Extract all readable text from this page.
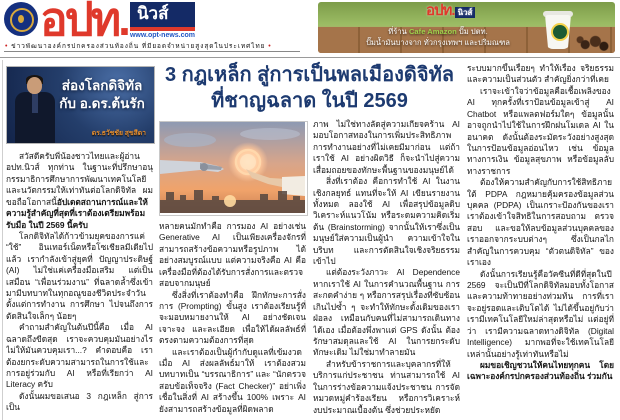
อปท. นิวส์
www.opt-news.com
• ข่าวพัฒนาองค์กรปกครองส่วนท้องถิ่น ที่มียอดจำหน่ายสูงสุดในประเทศไทย •
อปท. นิวส์
ที่ร้าน Cafe Amazon ปั๊ม ปตท.
ปั๊มน้ำมันบางจาก ทั่วกรุงเทพฯ และปริมณฑล
3 กฎเหล็ก สู่การเป็นพลเมืองดิจิทัล
ที่ชาญฉลาด ในปี 2569
ส่องโลกดิจิทัล
กับ อ.ดร.ต้นรัก
ดร.ธวัชชัย สุขสีดา

สวัสดีครับพี่น้องชาวไทยและผู้อ่าน อปท.นิวส์ ทุกท่าน ในฐานะที่ปรึกษาอนุกรรมาธิการศึกษาการพัฒนาเทคโนโลยีและนวัตกรรมให้เท่าทันต่อโลกดิจิทัล ผมขอถือโอกาสนี้อัปเดตสถานการณ์และให้ความรู้สำคัญที่สุดที่เราต้องเตรียมพร้อมรับมือ ในปี 2569 นี้ครับ

โลกดิจิทัลได้ก้าวข้ามยุคของการแค่ “ใช้” อินเทอร์เน็ตหรือโซเชียลมีเดียไปแล้ว เรากำลังเข้าสู่ยุคที่ ปัญญาประดิษฐ์ (AI) ไม่ใช่แค่เครื่องมือเสริม แต่เป็นเสมือน “เพื่อนร่วมงาน” ที่ฉลาดล้ำซึ่งเข้ามามีบทบาทในทุกอณูของชีวิตประจำวัน ตั้งแต่การทำงาน การศึกษา ไปจนถึงการตัดสินใจเล็กๆ น้อยๆ

คำถามสำคัญในต้นปีนี้คือ เมื่อ AI ฉลาดถึงขีดสุด เราจะควบคุมมันอย่างไร ไม่ให้มันควบคุมเรา...? คำตอบคือ เราต้องยกระดับความสามารถในการใช้และการอยู่ร่วมกับ AI หรือที่เรียกว่า AI Literacy ครับ

ดังนั้นผมขอเสนอ 3 กฎเหล็ก สู่การเป็น

หลายคนมักทำคือ การมอง AI อย่างเช่น Generative AI เป็นเพียงเครื่องจักรที่สามารถสร้างข้อความหรือรูปภาพ ได้อย่างสมบูรณ์แบบ แต่ความจริงคือ AI คือเครื่องมือที่ต้องได้รับการสั่งการและตรวจสอบจากมนุษย์

ซึ่งสิ่งที่เราต้องทำคือ ฝึกทักษะการสั่งการ (Prompting) ขั้นสูง เราต้องเรียนรู้ที่จะมอบหมายงานให้ AI อย่างชัดเจน เจาะจง และละเอียด เพื่อให้ได้ผลลัพธ์ที่ตรงตามความต้องการที่สุด

และเราต้องเป็นผู้กำกับดูแลที่เข้มงวด เมื่อ AI ส่งผลลัพธ์มาให้ เราต้องสวมบทบาทเป็น “บรรณาธิการ” และ “นักตรวจสอบข้อเท็จจริง (Fact Checker)” อย่าเพิ่งเชื่อในสิ่งที่ AI สร้างขึ้น 100% เพราะ AI ยังสามารถสร้างข้อมูลที่ผิดพลาด

ภาพ ไม่ใช่ทางลัดสู่ความเกียจคร้าน AI มอบโอกาสทองในการเพิ่มประสิทธิภาพการทำงานอย่างที่ไม่เคยมีมาก่อน แต่ถ้าเราใช้ AI อย่างผิดวิธี ก็จะนำไปสู่ความเสื่อมถอยของทักษะพื้นฐานของมนุษย์ได้

สิ่งที่เราต้อง คือการทำใช้ AI ในงานเชิงกลยุทธ์ แทนที่จะให้ AI เขียนรายงานทั้งหมด ลองใช้ AI เพื่อสรุปข้อมูลดิบ วิเคราะห์แนวโน้ม หรือระดมความคิดเริ่มต้น (Brainstorming) จากนั้นให้เราซึ่งเป็นมนุษย์ใส่ความเป็นผู้นำ ความเข้าใจในบริบท และการตัดสินใจเชิงจริยธรรมเข้าไป

แต่ต้องระวังภาวะ AI Dependence หากเราใช้ AI ในการคำนวณพื้นฐาน การสะกดคำง่าย ๆ หรือการสรุปเรื่องที่ซับซ้อนเกินไปซ้ำ ๆ จะทำให้ทักษะดั้งเดิมของเราฝ่อลง เหมือนกับคนที่ไม่สามารถเดินทางได้เอง เมื่อต้องพึ่งพาแต่ GPS ดังนั้น ต้องรักษาสมดุลและใช้ AI ในการยกระดับทักษะเดิม ไม่ใช่มาทำลายมัน

สำหรับข้าราชการและบุคลากรที่ให้บริการแก่ประชาชน ท่านสามารถใช้ AI ในการร่างข้อความแจ้งประชาชน การจัดหมวดหมู่คำร้องเรียน หรือการวิเคราะห์งบประมาณเบื้องต้น ซึ่งช่วยประหยัด

ระบบมากขึ้นเรื่อยๆ ทำให้เรื่อง จริยธรรม และความเป็นส่วนตัว สำคัญยิ่งกว่าที่เคย

เราจะเข้าใจว่าข้อมูลคือเชื้อเพลิงของ AI ทุกครั้งที่เราป้อนข้อมูลเข้าสู่ AI Chatbot หรือแพลตฟอร์มใดๆ ข้อมูลนั้นอาจถูกนำไปใช้ในการฝึกฝนโมเดล AI ในอนาคต ดังนั้นต้องระมัดระวังอย่างสูงสุด ในการป้อนข้อมูลอ่อนไหว เช่น ข้อมูลทางการเงิน ข้อมูลสุขภาพ หรือข้อมูลลับทางราชการ

ต้องให้ความสำคัญกับการใช้สิทธิภายใต้ PDPA กฎหมายคุ้มครองข้อมูลส่วนบุคคล (PDPA) เป็นเกราะป้องกันของเรา เราต้องเข้าใจสิทธิในการสอบถาม ตรวจสอบ และขอให้ลบข้อมูลส่วนบุคคลของเราออกจากระบบต่างๆ ซึ่งเป็นกลไกสำคัญในการควบคุม “ตัวตนดิจิทัล” ของเราเอง

ดังนั้นการเรียนรู้คือวัคซีนที่ดีที่สุดในปี 2569 จะเป็นปีที่โลกดิจิทัลมอบทั้งโอกาสและความท้าทายอย่างท่วมท้น การที่เราจะอยู่รอดและเติบโตได้ ไม่ได้ขึ้นอยู่กับว่าเรามีเทคโนโลยีใหม่ล่าสุดหรือไม่ แต่อยู่ที่ว่า เรามีความฉลาดทางดิจิทัล (Digital Intelligence) มากพอที่จะใช้เทคโนโลยีเหล่านั้นอย่างรู้เท่าทันหรือไม่

ผมขอเชิญชวนให้คนไทยทุกคน โดยเฉพาะองค์กรปกครองส่วนท้องถิ่น ร่วมกัน
